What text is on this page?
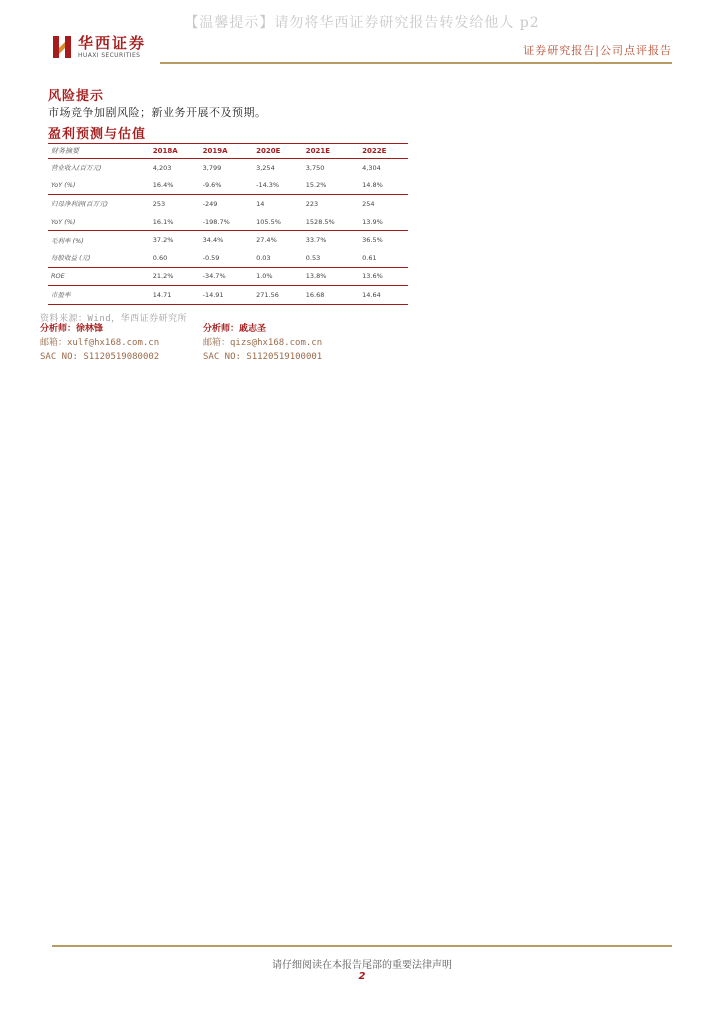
【温馨提示】请勿将华西证券研究报告转发给他人 p2
华西证券
HUAXI SECURITIES	证券研究报告|公司点评报告
风险提示
市场竞争加剧风险；新业务开展不及预期。
盈利预测与估值
财务摘要	2018A	2019A	2020E	2021E	2022E
营业收入(百万元)	4,203	3,799	3,254	3,750	4,304
YoY (%)	16.4%	-9.6%	-14.3%	15.2%	14.8%
归母净利润(百万元)	253	-249	14	223	254
YoY (%)	16.1%	-198.7%	105.5%	1528.5%	13.9%
毛利率 (%)	37.2%	34.4%	27.4%	33.7%	36.5%
每股收益 (元)	0.60	-0.59	0.03	0.53	0.61
ROE	21.2%	-34.7%	1.0%	13.8%	13.6%
市盈率	14.71	-14.91	271.56	16.68	14.64
资料来源：Wind，华西证券研究所
分析师：徐林锋
邮箱：xulf@hx168.com.cn
SAC NO: S1120519080002
分析师：戚志圣
邮箱：qizs@hx168.com.cn
SAC NO: S1120519100001
请仔细阅读在本报告尾部的重要法律声明
2
